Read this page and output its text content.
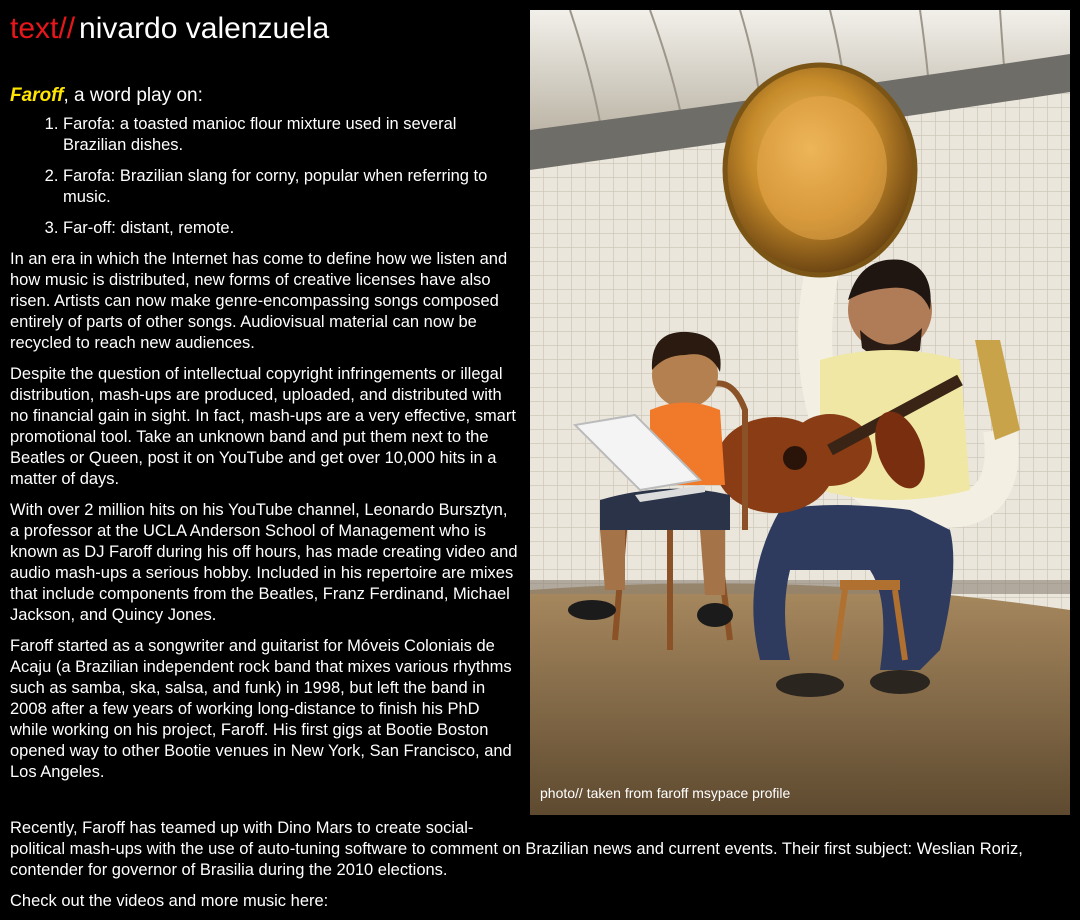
text// nivardo valenzuela

Faroff, a word play on:

1. Farofa: a toasted manioc flour mixture used in several Brazilian dishes.
2. Farofa: Brazilian slang for corny, popular when referring to music.
3. Far-off: distant, remote.

In an era in which the Internet has come to define how we listen and how music is distributed, new forms of creative licenses have also risen. Artists can now make genre-encompassing songs composed entirely of parts of other songs. Audiovisual material can now be recycled to reach new audiences.

Despite the question of intellectual copyright infringements or illegal distribution, mash-ups are produced, uploaded, and distributed with no financial gain in sight. In fact, mash-ups are a very effective, smart promotional tool. Take an unknown band and put them next to the Beatles or Queen, post it on YouTube and get over 10,000 hits in a matter of days.

With over 2 million hits on his YouTube channel, Leonardo Bursztyn, a professor at the UCLA Anderson School of Management who is known as DJ Faroff during his off hours, has made creating video and audio mash-ups a serious hobby. Included in his repertoire are mixes that include components from the Beatles, Franz Ferdinand, Michael Jackson, and Quincy Jones.

Faroff started as a songwriter and guitarist for Móveis Coloniais de Acaju (a Brazilian independent rock band that mixes various rhythms such as samba, ska, salsa, and funk) in 1998, but left the band in 2008 after a few years of working long-distance to finish his PhD while working on his project, Faroff. His first gigs at Bootie Boston opened way to other Bootie venues in New York, San Francisco, and Los Angeles.

photo// taken from faroff msypace profile

Recently, Faroff has teamed up with Dino Mars to create social-
political mash-ups with the use of auto-tuning software to comment on Brazilian news and current events. Their first subject: Weslian Roriz, contender for governor of Brasilia during the 2010 elections.

Check out the videos and more music here:
